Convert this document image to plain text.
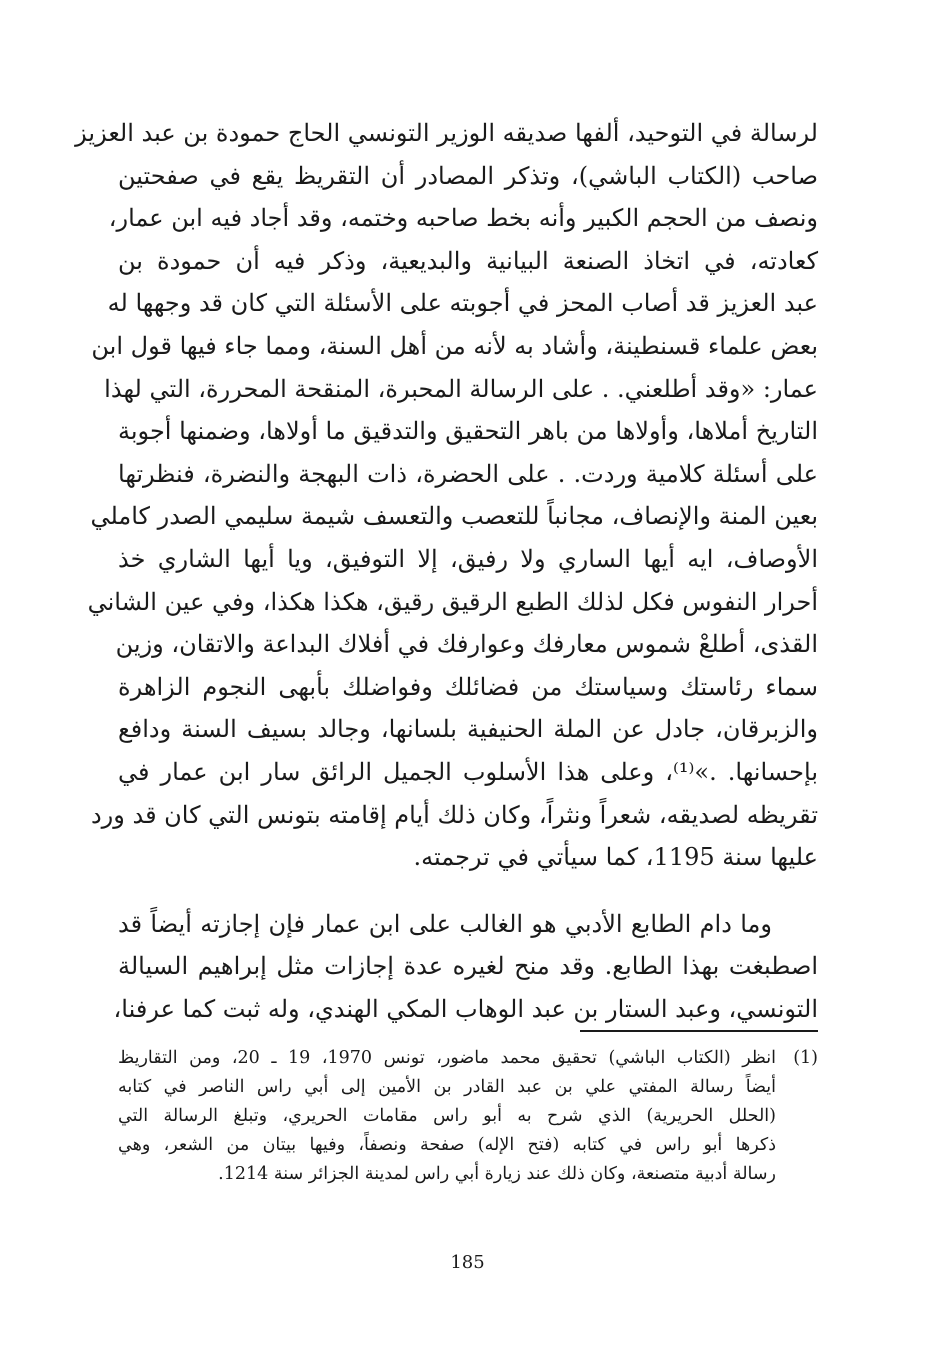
لرسالة في التوحيد، ألفها صديقه الوزير التونسي الحاج حمودة بن عبد العزيز
صاحب (الكتاب الباشي)، وتذكر المصادر أن التقريظ يقع في صفحتين
ونصف من الحجم الكبير وأنه بخط صاحبه وختمه، وقد أجاد فيه ابن عمار،
كعادته، في اتخاذ الصنعة البيانية والبديعية، وذكر فيه أن حمودة بن
عبد العزيز قد أصاب المحز في أجوبته على الأسئلة التي كان قد وجهها له
بعض علماء قسنطينة، وأشاد به لأنه من أهل السنة، ومما جاء فيها قول ابن
عمار: «وقد أطلعني. . على الرسالة المحبرة، المنقحة المحررة، التي لهذا
التاريخ أملاها، وأولاها من باهر التحقيق والتدقيق ما أولاها، وضمنها أجوبة
على أسئلة كلامية وردت. . على الحضرة، ذات البهجة والنضرة، فنظرتها
بعين المنة والإنصاف، مجانباً للتعصب والتعسف شيمة سليمي الصدر كاملي
الأوصاف، ايه أيها الساري ولا رفيق، إلا التوفيق، ويا أيها الشاري خذ
أحرار النفوس فكل لذلك الطبع الرقيق رقيق، هكذا هكذا، وفي عين الشاني
القذى، أطلعْ شموس معارفك وعوارفك في أفلاك البداعة والاتقان، وزين
سماء رئاستك وسياستك من فضائلك وفواضلك بأبهى النجوم الزاهرة
والزبرقان، جادل عن الملة الحنيفية بلسانها، وجالد بسيف السنة ودافع
بإحسانها. .»⁽¹⁾، وعلى هذا الأسلوب الجميل الرائق سار ابن عمار في
تقريظه لصديقه، شعراً ونثراً، وكان ذلك أيام إقامته بتونس التي كان قد ورد
عليها سنة 1195، كما سيأتي في ترجمته.
وما دام الطابع الأدبي هو الغالب على ابن عمار فإن إجازته أيضاً قد
اصطبغت بهذا الطابع. وقد منح لغيره عدة إجازات مثل إبراهيم السيالة
التونسي، وعبد الستار بن عبد الوهاب المكي الهندي، وله ثبت كما عرفنا،
(1)
انظر (الكتاب الباشي) تحقيق محمد ماضور، تونس 1970، 19 ـ 20، ومن التقاريظ
أيضاً رسالة المفتي علي بن عبد القادر بن الأمين إلى أبي راس الناصر في كتابه
(الحلل الحريرية) الذي شرح به أبو راس مقامات الحريري، وتبلغ الرسالة التي
ذكرها أبو راس في كتابه (فتح الإله) صفحة ونصفاً، وفيها بيتان من الشعر، وهي
رسالة أدبية متصنعة، وكان ذلك عند زيارة أبي راس لمدينة الجزائر سنة 1214.
185
